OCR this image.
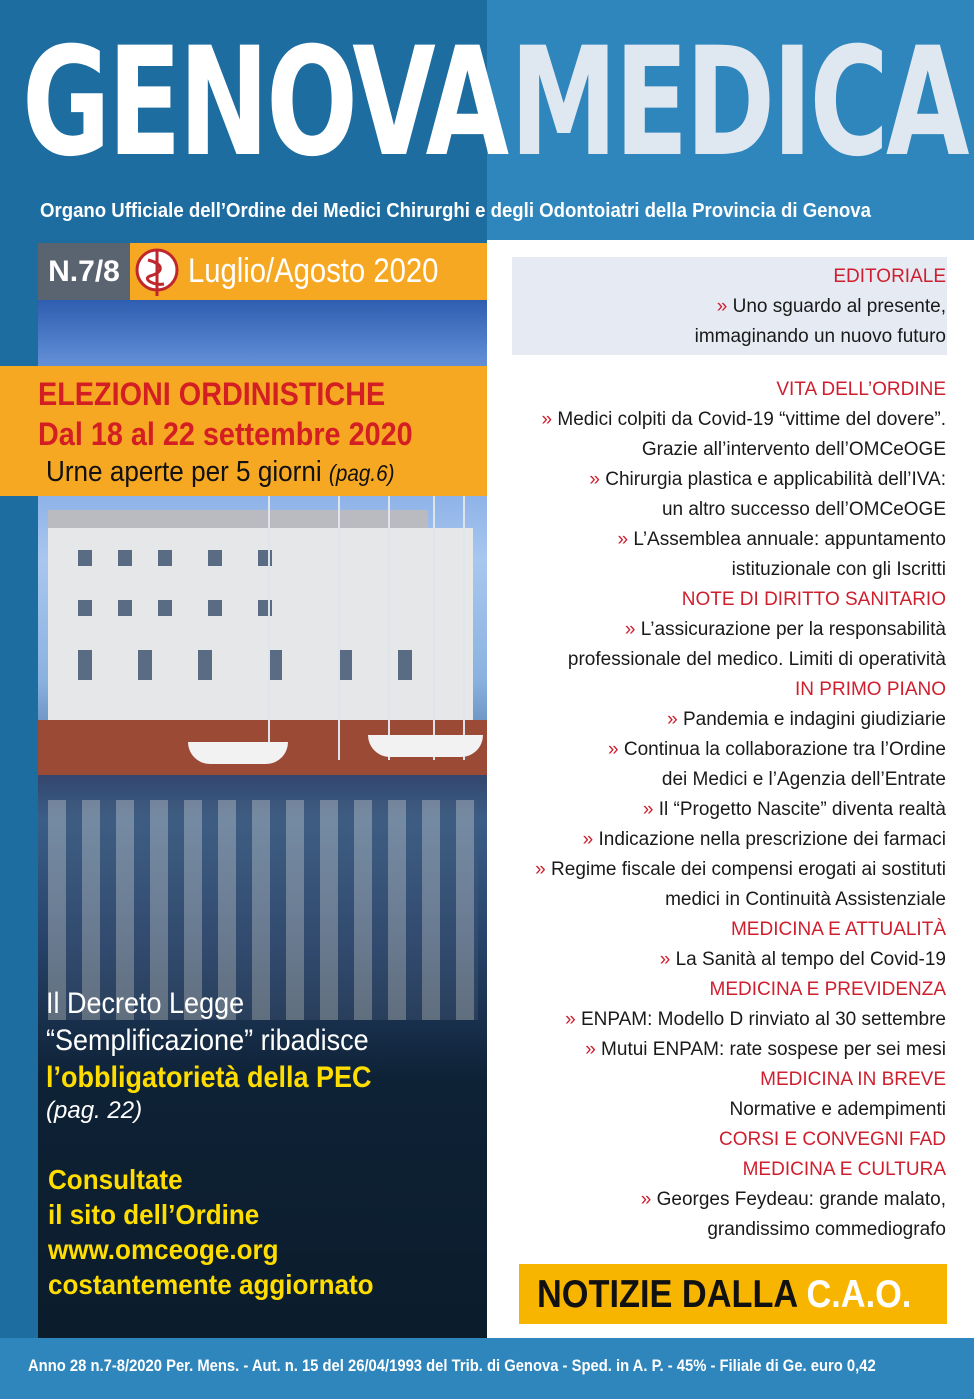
GENOVA MEDICA
Organo Ufficiale dell’Ordine dei Medici Chirurghi e degli Odontoiatri della Provincia di Genova
N.7/8 Luglio/Agosto 2020
ELEZIONI ORDINISTICHE
Dal 18 al 22 settembre 2020
Urne aperte per 5 giorni (pag.6)
Il Decreto Legge
“Semplificazione” ribadisce
l’obbligatorietà della PEC
(pag. 22)
Consultate
il sito dell’Ordine
www.omceoge.org
costantemente aggiornato
EDITORIALE
» Uno sguardo al presente,
immaginando un nuovo futuro
VITA DELL’ORDINE
» Medici colpiti da Covid-19 “vittime del dovere”.
Grazie all’intervento dell’OMCeOGE
» Chirurgia plastica e applicabilità dell’IVA:
un altro successo dell’OMCeOGE
» L’Assemblea annuale: appuntamento
istituzionale con gli Iscritti
NOTE DI DIRITTO SANITARIO
» L’assicurazione per la responsabilità
professionale del medico. Limiti di operatività
IN PRIMO PIANO
» Pandemia e indagini giudiziarie
» Continua la collaborazione tra l’Ordine
dei Medici e l’Agenzia dell’Entrate
» Il “Progetto Nascite” diventa realtà
» Indicazione nella prescrizione dei farmaci
» Regime fiscale dei compensi erogati ai sostituti
medici in Continuità Assistenziale
MEDICINA E ATTUALITÀ
» La Sanità al tempo del Covid-19
MEDICINA E PREVIDENZA
» ENPAM: Modello D rinviato al 30 settembre
» Mutui ENPAM: rate sospese per sei mesi
MEDICINA IN BREVE
Normative e adempimenti
CORSI E CONVEGNI FAD
MEDICINA E CULTURA
» Georges Feydeau: grande malato,
grandissimo commediografo
NOTIZIE DALLA C.A.O.
Anno 28 n.7-8/2020 Per. Mens. - Aut. n. 15 del 26/04/1993 del Trib. di Genova - Sped. in A. P. - 45% - Filiale di Ge. euro 0,42
